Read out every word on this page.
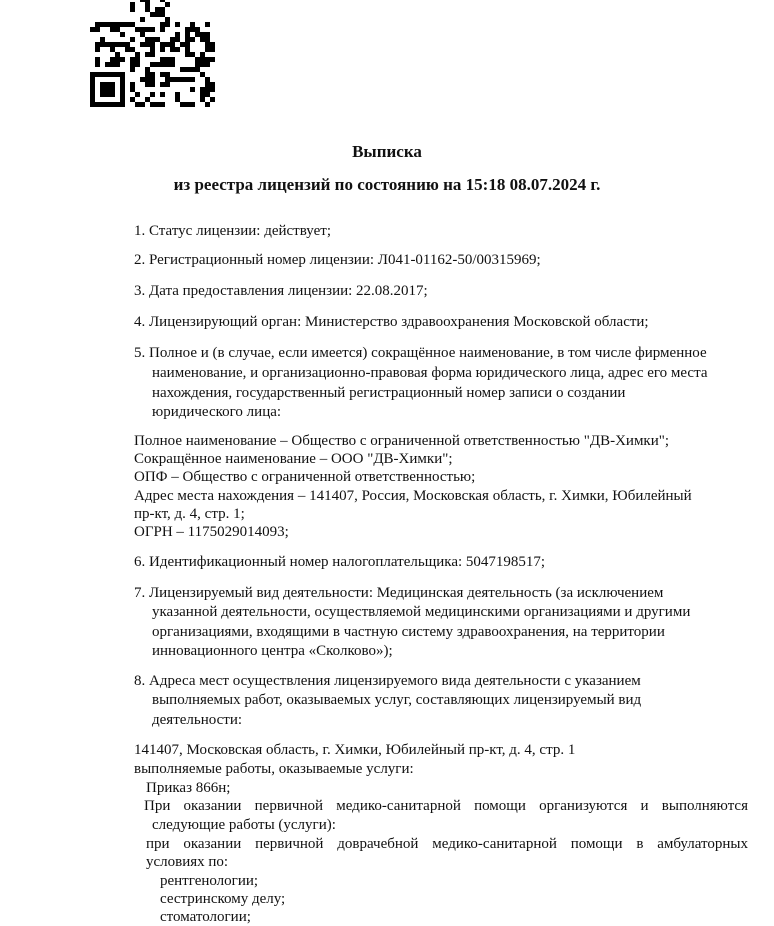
Выписка
из реестра лицензий по состоянию на 15:18 08.07.2024 г.
1. Статус лицензии: действует;
2. Регистрационный номер лицензии: Л041-01162-50/00315969;
3. Дата предоставления лицензии: 22.08.2017;
4. Лицензирующий орган: Министерство здравоохранения Московской области;
5. Полное и (в случае, если имеется) сокращённое наименование, в том числе фирменное
наименование, и организационно-правовая форма юридического лица, адрес его места
нахождения, государственный регистрационный номер записи о создании
юридического лица:
Полное наименование – Общество с ограниченной ответственностью "ДВ-Химки";
Сокращённое наименование – ООО "ДВ-Химки";
ОПФ – Общество с ограниченной ответственностью;
Адрес места нахождения – 141407, Россия, Московская область, г. Химки, Юбилейный
пр-кт, д. 4, стр. 1;
ОГРН – 1175029014093;
6. Идентификационный номер налогоплательщика: 5047198517;
7. Лицензируемый вид деятельности: Медицинская деятельность (за исключением
указанной деятельности, осуществляемой медицинскими организациями и другими
организациями, входящими в частную систему здравоохранения, на территории
инновационного центра «Сколково»);
8. Адреса мест осуществления лицензируемого вида деятельности с указанием
выполняемых работ, оказываемых услуг, составляющих лицензируемый вид
деятельности:
141407, Московская область, г. Химки, Юбилейный пр-кт, д. 4, стр. 1
выполняемые работы, оказываемые услуги:
Приказ 866н;
При оказании первичной медико-санитарной помощи организуются и выполняются
следующие работы (услуги):
при оказании первичной доврачебной медико-санитарной помощи в амбулаторных
условиях по:
рентгенологии;
сестринскому делу;
стоматологии;
